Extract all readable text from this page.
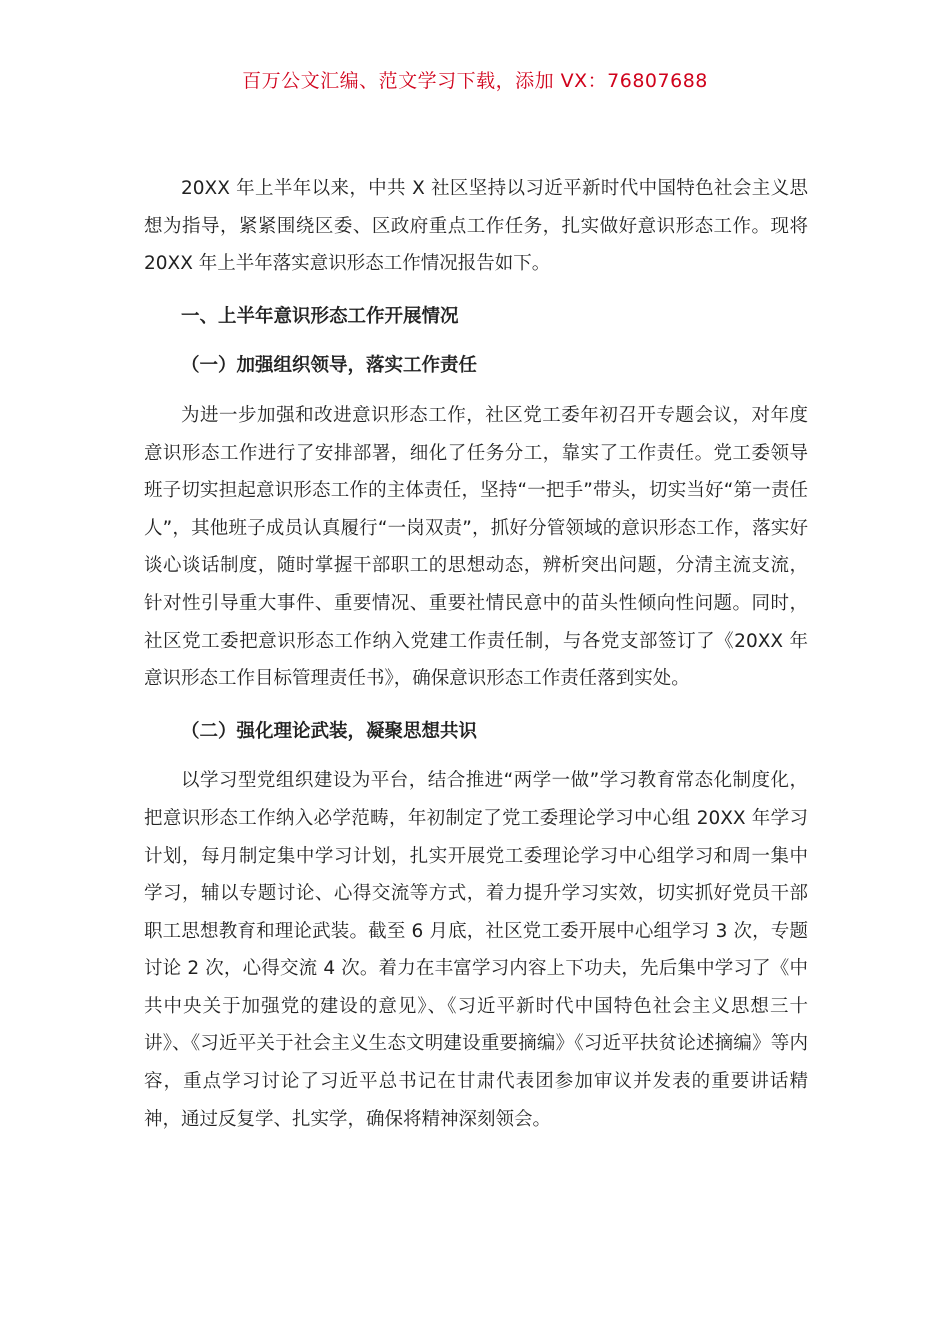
百万公文汇编、范文学习下载，添加 VX：76807688

20XX 年上半年以来，中共 X 社区坚持以习近平新时代中国特色社会主义思想为指导，紧紧围绕区委、区政府重点工作任务，扎实做好意识形态工作。现将 20XX 年上半年落实意识形态工作情况报告如下。

一、上半年意识形态工作开展情况
（一）加强组织领导，落实工作责任

为进一步加强和改进意识形态工作，社区党工委年初召开专题会议，对年度意识形态工作进行了安排部署，细化了任务分工，靠实了工作责任。党工委领导班子切实担起意识形态工作的主体责任，坚持“一把手”带头，切实当好“第一责任人”，其他班子成员认真履行“一岗双责”，抓好分管领域的意识形态工作，落实好谈心谈话制度，随时掌握干部职工的思想动态，辨析突出问题，分清主流支流，针对性引导重大事件、重要情况、重要社情民意中的苗头性倾向性问题。同时，社区党工委把意识形态工作纳入党建工作责任制，与各党支部签订了《20XX 年意识形态工作目标管理责任书》，确保意识形态工作责任落到实处。

（二）强化理论武装，凝聚思想共识

以学习型党组织建设为平台，结合推进“两学一做”学习教育常态化制度化，把意识形态工作纳入必学范畴，年初制定了党工委理论学习中心组 20XX 年学习计划，每月制定集中学习计划，扎实开展党工委理论学习中心组学习和周一集中学习，辅以专题讨论、心得交流等方式，着力提升学习实效，切实抓好党员干部职工思想教育和理论武装。截至 6 月底，社区党工委开展中心组学习 3 次，专题讨论 2 次，心得交流 4 次。着力在丰富学习内容上下功夫，先后集中学习了《中共中央关于加强党的建设的意见》、《习近平新时代中国特色社会主义思想三十讲》、《习近平关于社会主义生态文明建设重要摘编》《习近平扶贫论述摘编》等内容，重点学习讨论了习近平总书记在甘肃代表团参加审议并发表的重要讲话精神，通过反复学、扎实学，确保将精神深刻领会。
